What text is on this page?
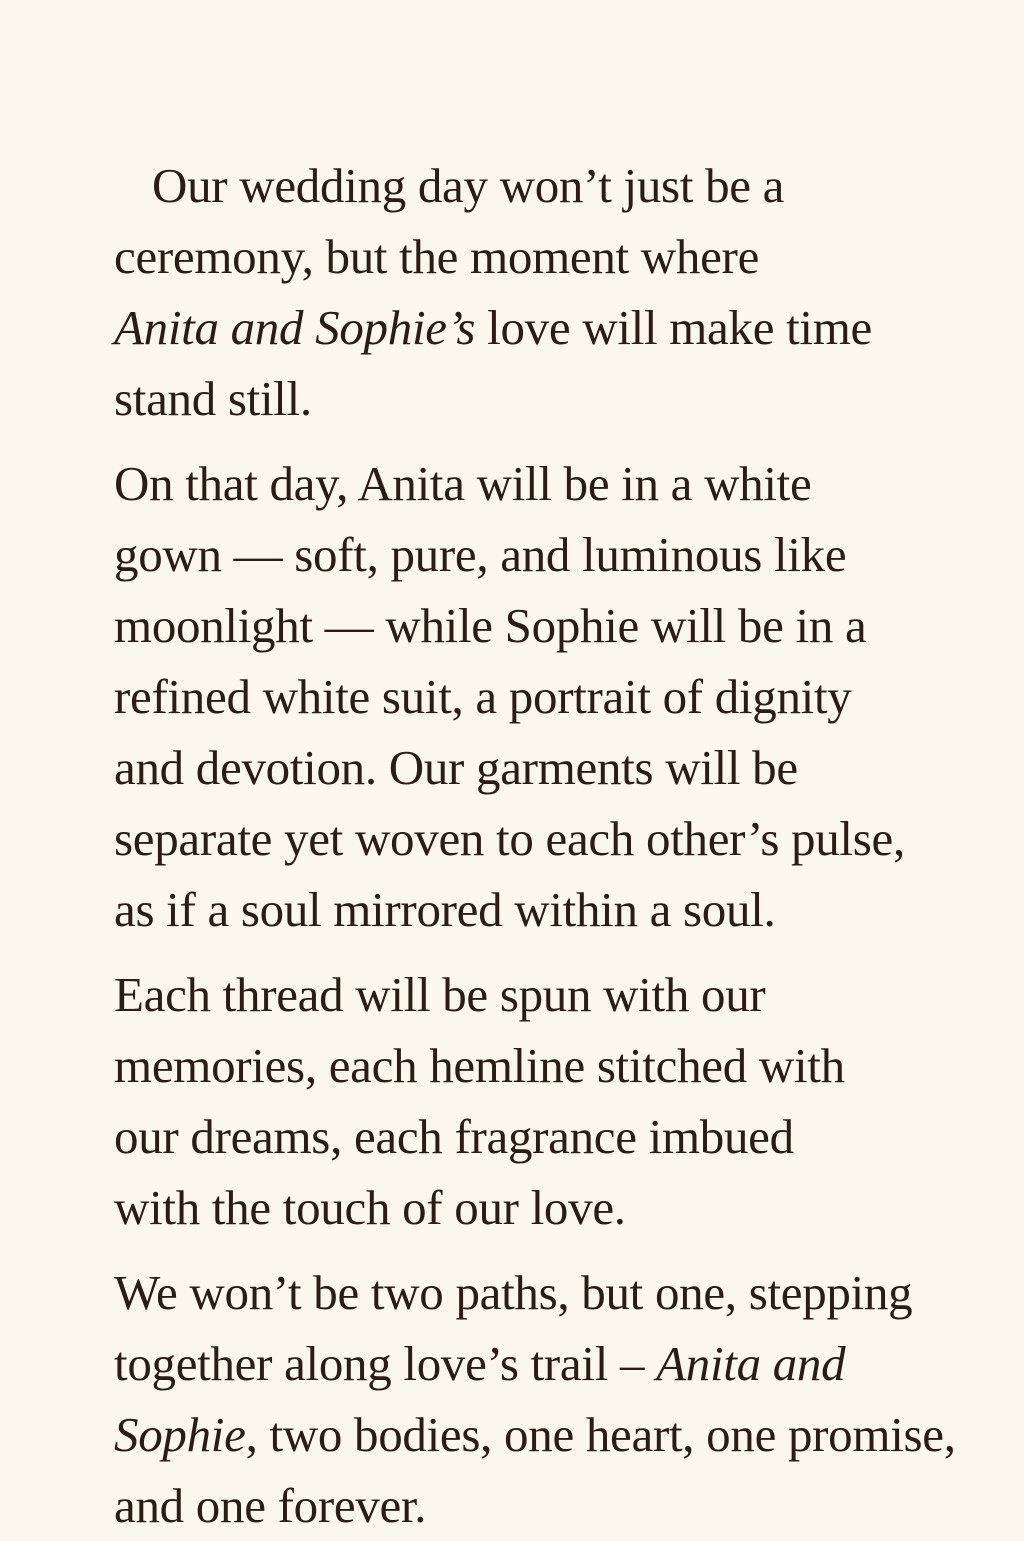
Our wedding day won’t just be a
ceremony, but the moment where
Anita and Sophie’s love will make time
stand still.

On that day, Anita will be in a white
gown — soft, pure, and luminous like
moonlight — while Sophie will be in a
refined white suit, a portrait of dignity
and devotion. Our garments will be
separate yet woven to each other’s pulse,
as if a soul mirrored within a soul.

Each thread will be spun with our
memories, each hemline stitched with
our dreams, each fragrance imbued
with the touch of our love.

We won’t be two paths, but one, stepping
together along love’s trail – Anita and
Sophie, two bodies, one heart, one promise,
and one forever.
